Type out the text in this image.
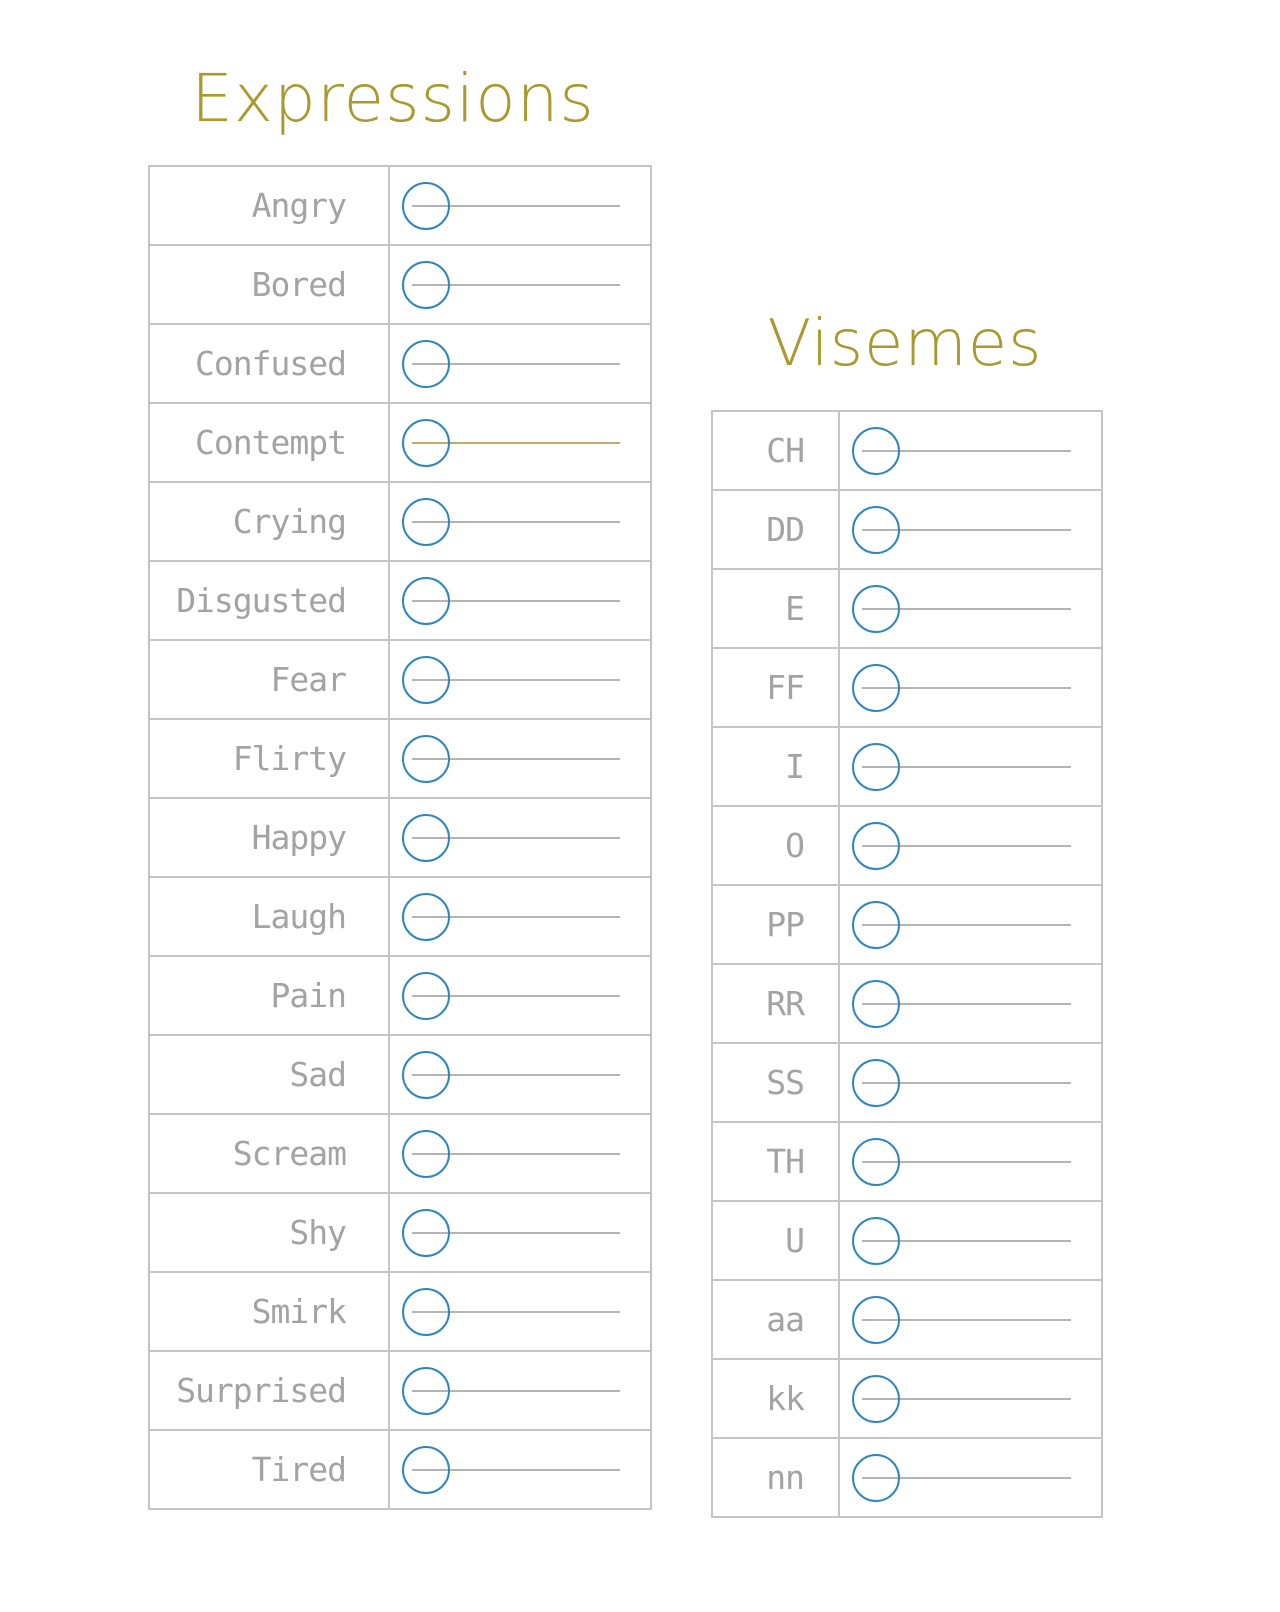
Expressions
Angry	

Bored	

Confused	

Contempt	

Crying	

Disgusted	

Fear	

Flirty	

Happy	

Laugh	

Pain	

Sad	

Scream	

Shy	

Smirk	

Surprised	

Tired	
Visemes
CH	

DD	

E	

FF	

I	

O	

PP	

RR	

SS	

TH	

U	

aa	

kk	

nn	
